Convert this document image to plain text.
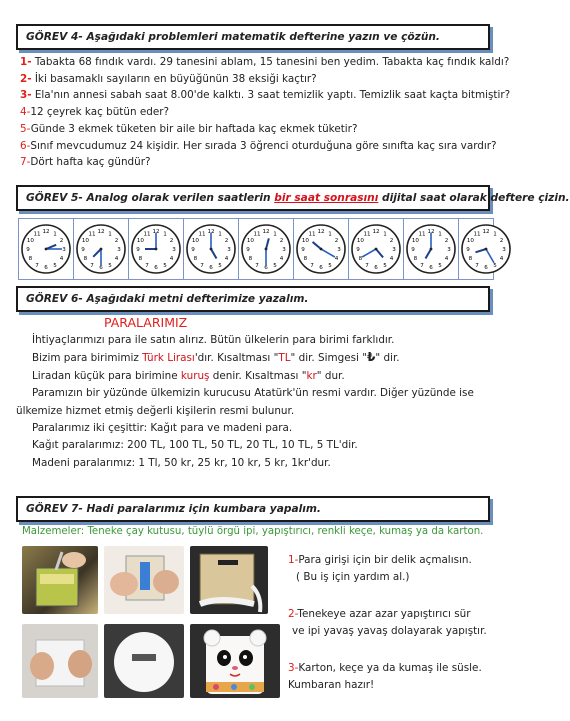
GÖREV 4- Aşağıdaki problemleri matematik defterine yazın ve çözün.
1- Tabakta 68 fındık vardı. 29 tanesini ablam, 15 tanesini ben yedim. Tabakta kaç fındık kaldı?
2- İki basamaklı sayıların en büyüğünün 38 eksiği kaçtır?
3- Ela'nın annesi sabah saat 8.00'de kalktı. 3 saat temizlik yaptı. Temizlik saat kaçta bitmiştir?
4-12 çeyrek kaç bütün eder?
5-Günde 3 ekmek tüketen bir aile bir haftada kaç ekmek tüketir?
6-Sınıf mevcudumuz 24 kişidir. Her sırada 3 öğrenci oturduğuna göre sınıfta kaç sıra vardır?
7-Dört hafta kaç gündür?
GÖREV 5- Analog olarak verilen saatlerin bir saat sonrasını dijital saat olarak deftere çizin.
1
2
3
4
5
6
7
8
9
10
11 12	1
2
3
4
5
6
7
8
9
10
11 12	1
2
3
4
5
6
7
8
9
10
11 12	1
2
3
4
5
6
7
8
9
10
11 12	1
2
3
4
5
6
7
8
9
10
11 12	1
2
3
4
5
6
7
8
9
10
11 12	1
2
3
4
5
6
7
8
9
10
11 12	1
2
3
4
5
6
7
8
9
10
11 12	1
2
3
4
5
6
7
8
9
10
11 12
GÖREV 6- Aşağıdaki metni defterimize yazalım.
PARALARIMIZ
İhtiyaçlarımızı para ile satın alırız. Bütün ülkelerin para birimi farklıdır.
Bizim para birimimiz Türk Lirası'dır. Kısaltması "TL" dir. Simgesi "₺" dir.
Liradan küçük para birimine kuruş denir. Kısaltması "kr" dur.
Paramızın bir yüzünde ülkemizin kurucusu Atatürk'ün resmi vardır. Diğer yüzünde ise
ülkemize hizmet etmiş değerli kişilerin resmi bulunur.
Paralarımız iki çeşittir: Kağıt para ve madeni para.
Kağıt paralarımız: 200 TL, 100 TL, 50 TL, 20 TL, 10 TL, 5 TL'dir.
Madeni paralarımız: 1 Tl, 50 kr, 25 kr, 10 kr, 5 kr, 1kr'dur.
GÖREV 7- Hadi paralarımız için kumbara yapalım.
Malzemeler: Teneke çay kutusu, tüylü örgü ipi, yapıştırıcı, renkli keçe, kumaş ya da karton.
1-Para girişi için bir delik açmalısın.
( Bu iş için yardım al.)
2-Tenekeye azar azar yapıştırıcı sür
ve ipi yavaş yavaş dolayarak yapıştır.
3-Karton, keçe ya da kumaş ile süsle.
Kumbaran hazır!
